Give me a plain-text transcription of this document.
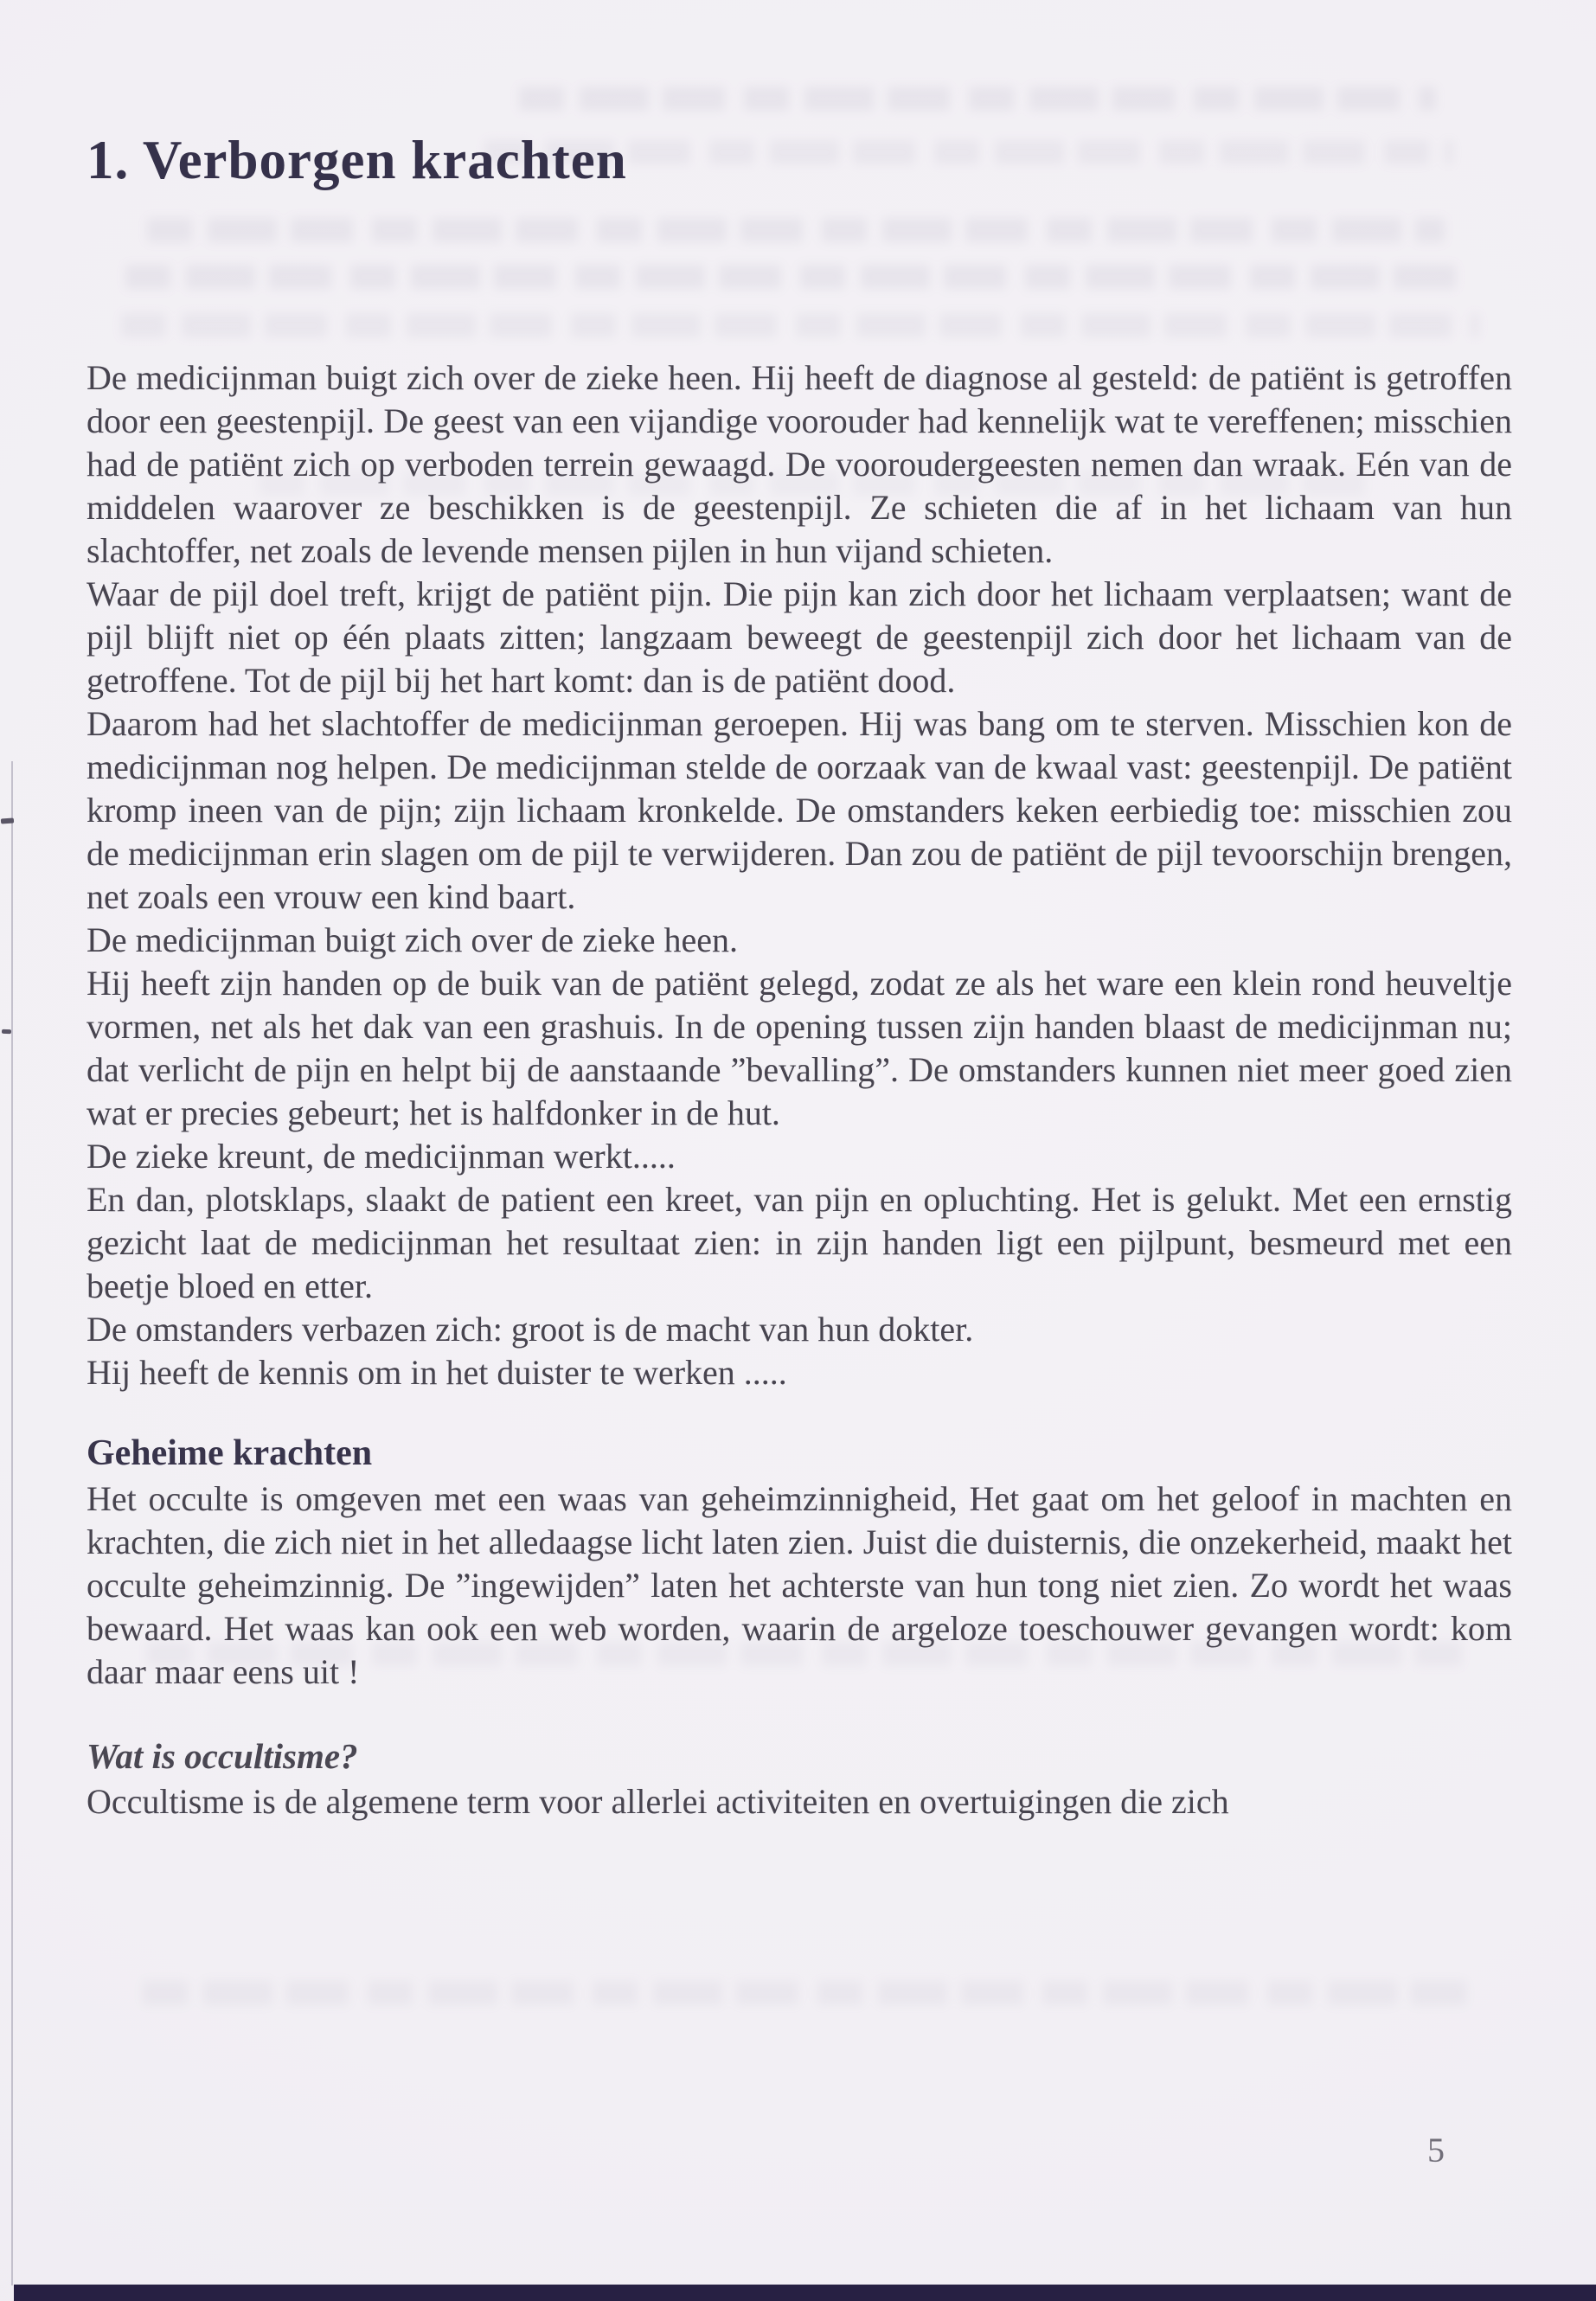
1. Verborgen krachten

De medicijnman buigt zich over de zieke heen. Hij heeft de diagnose al gesteld: de patiënt is getroffen door een geestenpijl. De geest van een vijandige voorouder had kennelijk wat te vereffenen; misschien had de patiënt zich op verboden terrein gewaagd. De vooroudergeesten nemen dan wraak. Eén van de middelen waarover ze beschikken is de geestenpijl. Ze schieten die af in het lichaam van hun slachtoffer, net zoals de levende mensen pijlen in hun vijand schieten.

Waar de pijl doel treft, krijgt de patiënt pijn. Die pijn kan zich door het lichaam verplaatsen; want de pijl blijft niet op één plaats zitten; langzaam beweegt de geestenpijl zich door het lichaam van de getroffene. Tot de pijl bij het hart komt: dan is de patiënt dood.

Daarom had het slachtoffer de medicijnman geroepen. Hij was bang om te sterven. Misschien kon de medicijnman nog helpen. De medicijnman stelde de oorzaak van de kwaal vast: geestenpijl. De patiënt kromp ineen van de pijn; zijn lichaam kronkelde. De omstanders keken eerbiedig toe: misschien zou de medicijnman erin slagen om de pijl te verwijderen. Dan zou de patiënt de pijl tevoorschijn brengen, net zoals een vrouw een kind baart.

De medicijnman buigt zich over de zieke heen.

Hij heeft zijn handen op de buik van de patiënt gelegd, zodat ze als het ware een klein rond heuveltje vormen, net als het dak van een grashuis. In de opening tussen zijn handen blaast de medicijnman nu; dat verlicht de pijn en helpt bij de aanstaande ”bevalling”. De omstanders kunnen niet meer goed zien wat er precies gebeurt; het is halfdonker in de hut.

De zieke kreunt, de medicijnman werkt.....

En dan, plotsklaps, slaakt de patient een kreet, van pijn en opluchting. Het is gelukt. Met een ernstig gezicht laat de medicijnman het resultaat zien: in zijn handen ligt een pijlpunt, besmeurd met een beetje bloed en etter.

De omstanders verbazen zich: groot is de macht van hun dokter.

Hij heeft de kennis om in het duister te werken .....

Geheime krachten

Het occulte is omgeven met een waas van geheimzinnigheid, Het gaat om het geloof in machten en krachten, die zich niet in het alledaagse licht laten zien. Juist die duisternis, die onzekerheid, maakt het occulte geheimzinnig. De ”ingewijden” laten het achterste van hun tong niet zien. Zo wordt het waas bewaard. Het waas kan ook een web worden, waarin de argeloze toeschouwer gevangen wordt: kom daar maar eens uit !

Wat is occultisme?

Occultisme is de algemene term voor allerlei activiteiten en overtuigingen die zich

5
